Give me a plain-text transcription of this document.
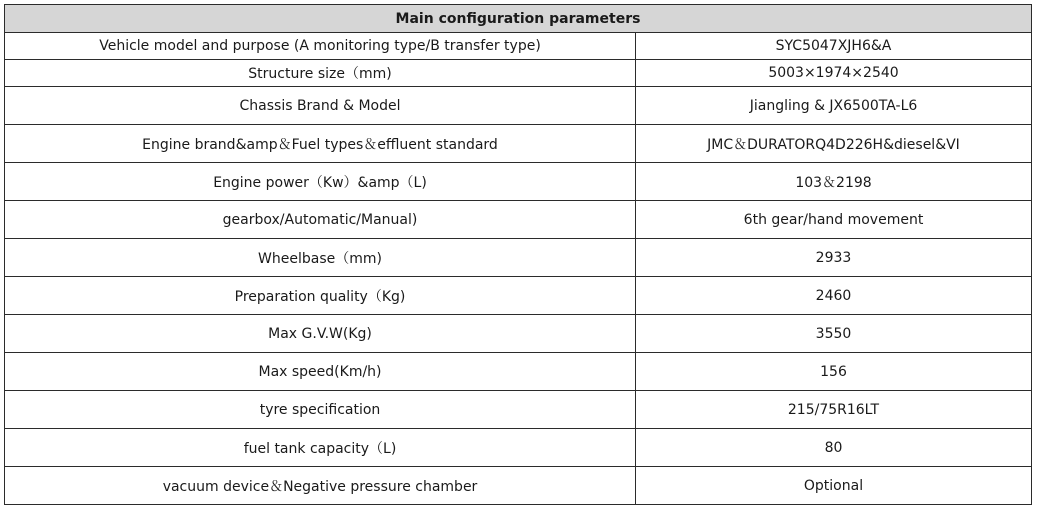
Main configuration parameters	
Vehicle model and purpose (A monitoring type/B transfer type)	SYC5047XJH6&A
Structure size（mm)	5003×1974×2540
Chassis Brand & Model	Jiangling & JX6500TA-L6
Engine brand&amp＆Fuel types＆effluent standard	JMC＆DURATORQ4D226H&diesel&VI
Engine power（Kw）&amp（L)	103＆2198
gearbox/Automatic/Manual)	6th gear/hand movement
Wheelbase（mm)	2933
Preparation quality（Kg)	2460
Max G.V.W(Kg)	3550
Max speed(Km/h)	156
tyre specification	215/75R16LT
fuel tank capacity（L)	80
vacuum device＆Negative pressure chamber	Optional
